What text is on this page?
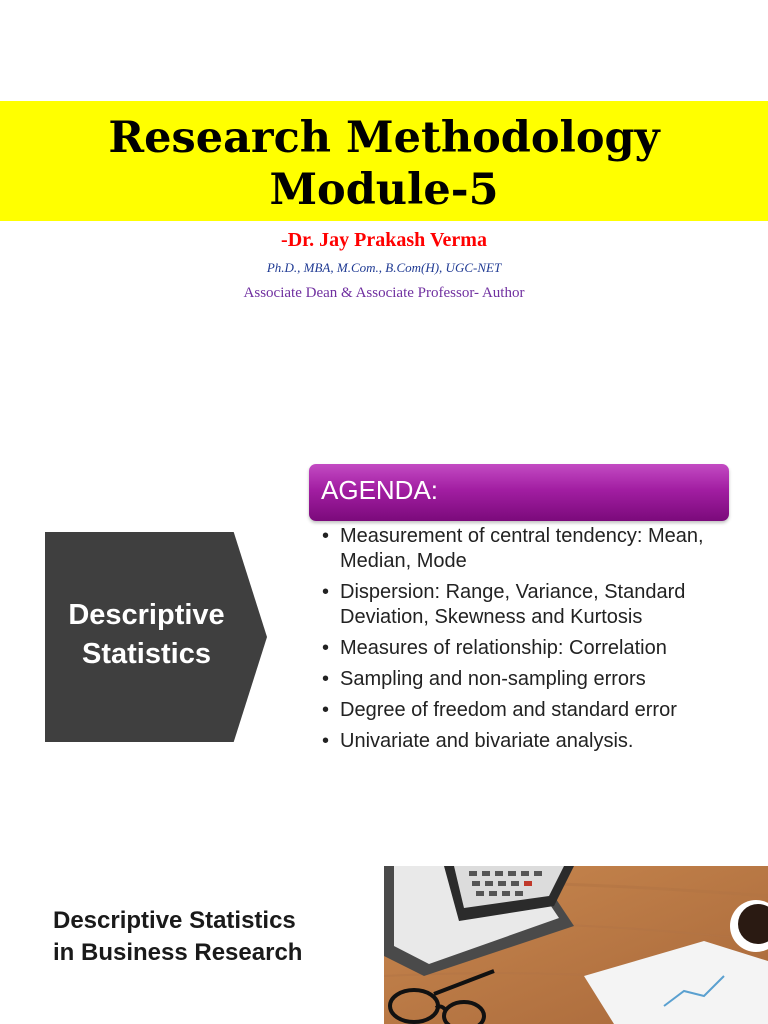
Research Methodology
Module-5
-Dr. Jay Prakash Verma
Ph.D., MBA, M.Com., B.Com(H), UGC-NET
Associate Dean & Associate Professor- Author
AGENDA:
• Measurement of central tendency: Mean, Median, Mode
• Dispersion: Range, Variance, Standard Deviation, Skewness and Kurtosis
• Measures of relationship: Correlation
• Sampling and non-sampling errors
• Degree of freedom and standard error
• Univariate and bivariate analysis.
Descriptive
Statistics
Descriptive Statistics
in Business Research
